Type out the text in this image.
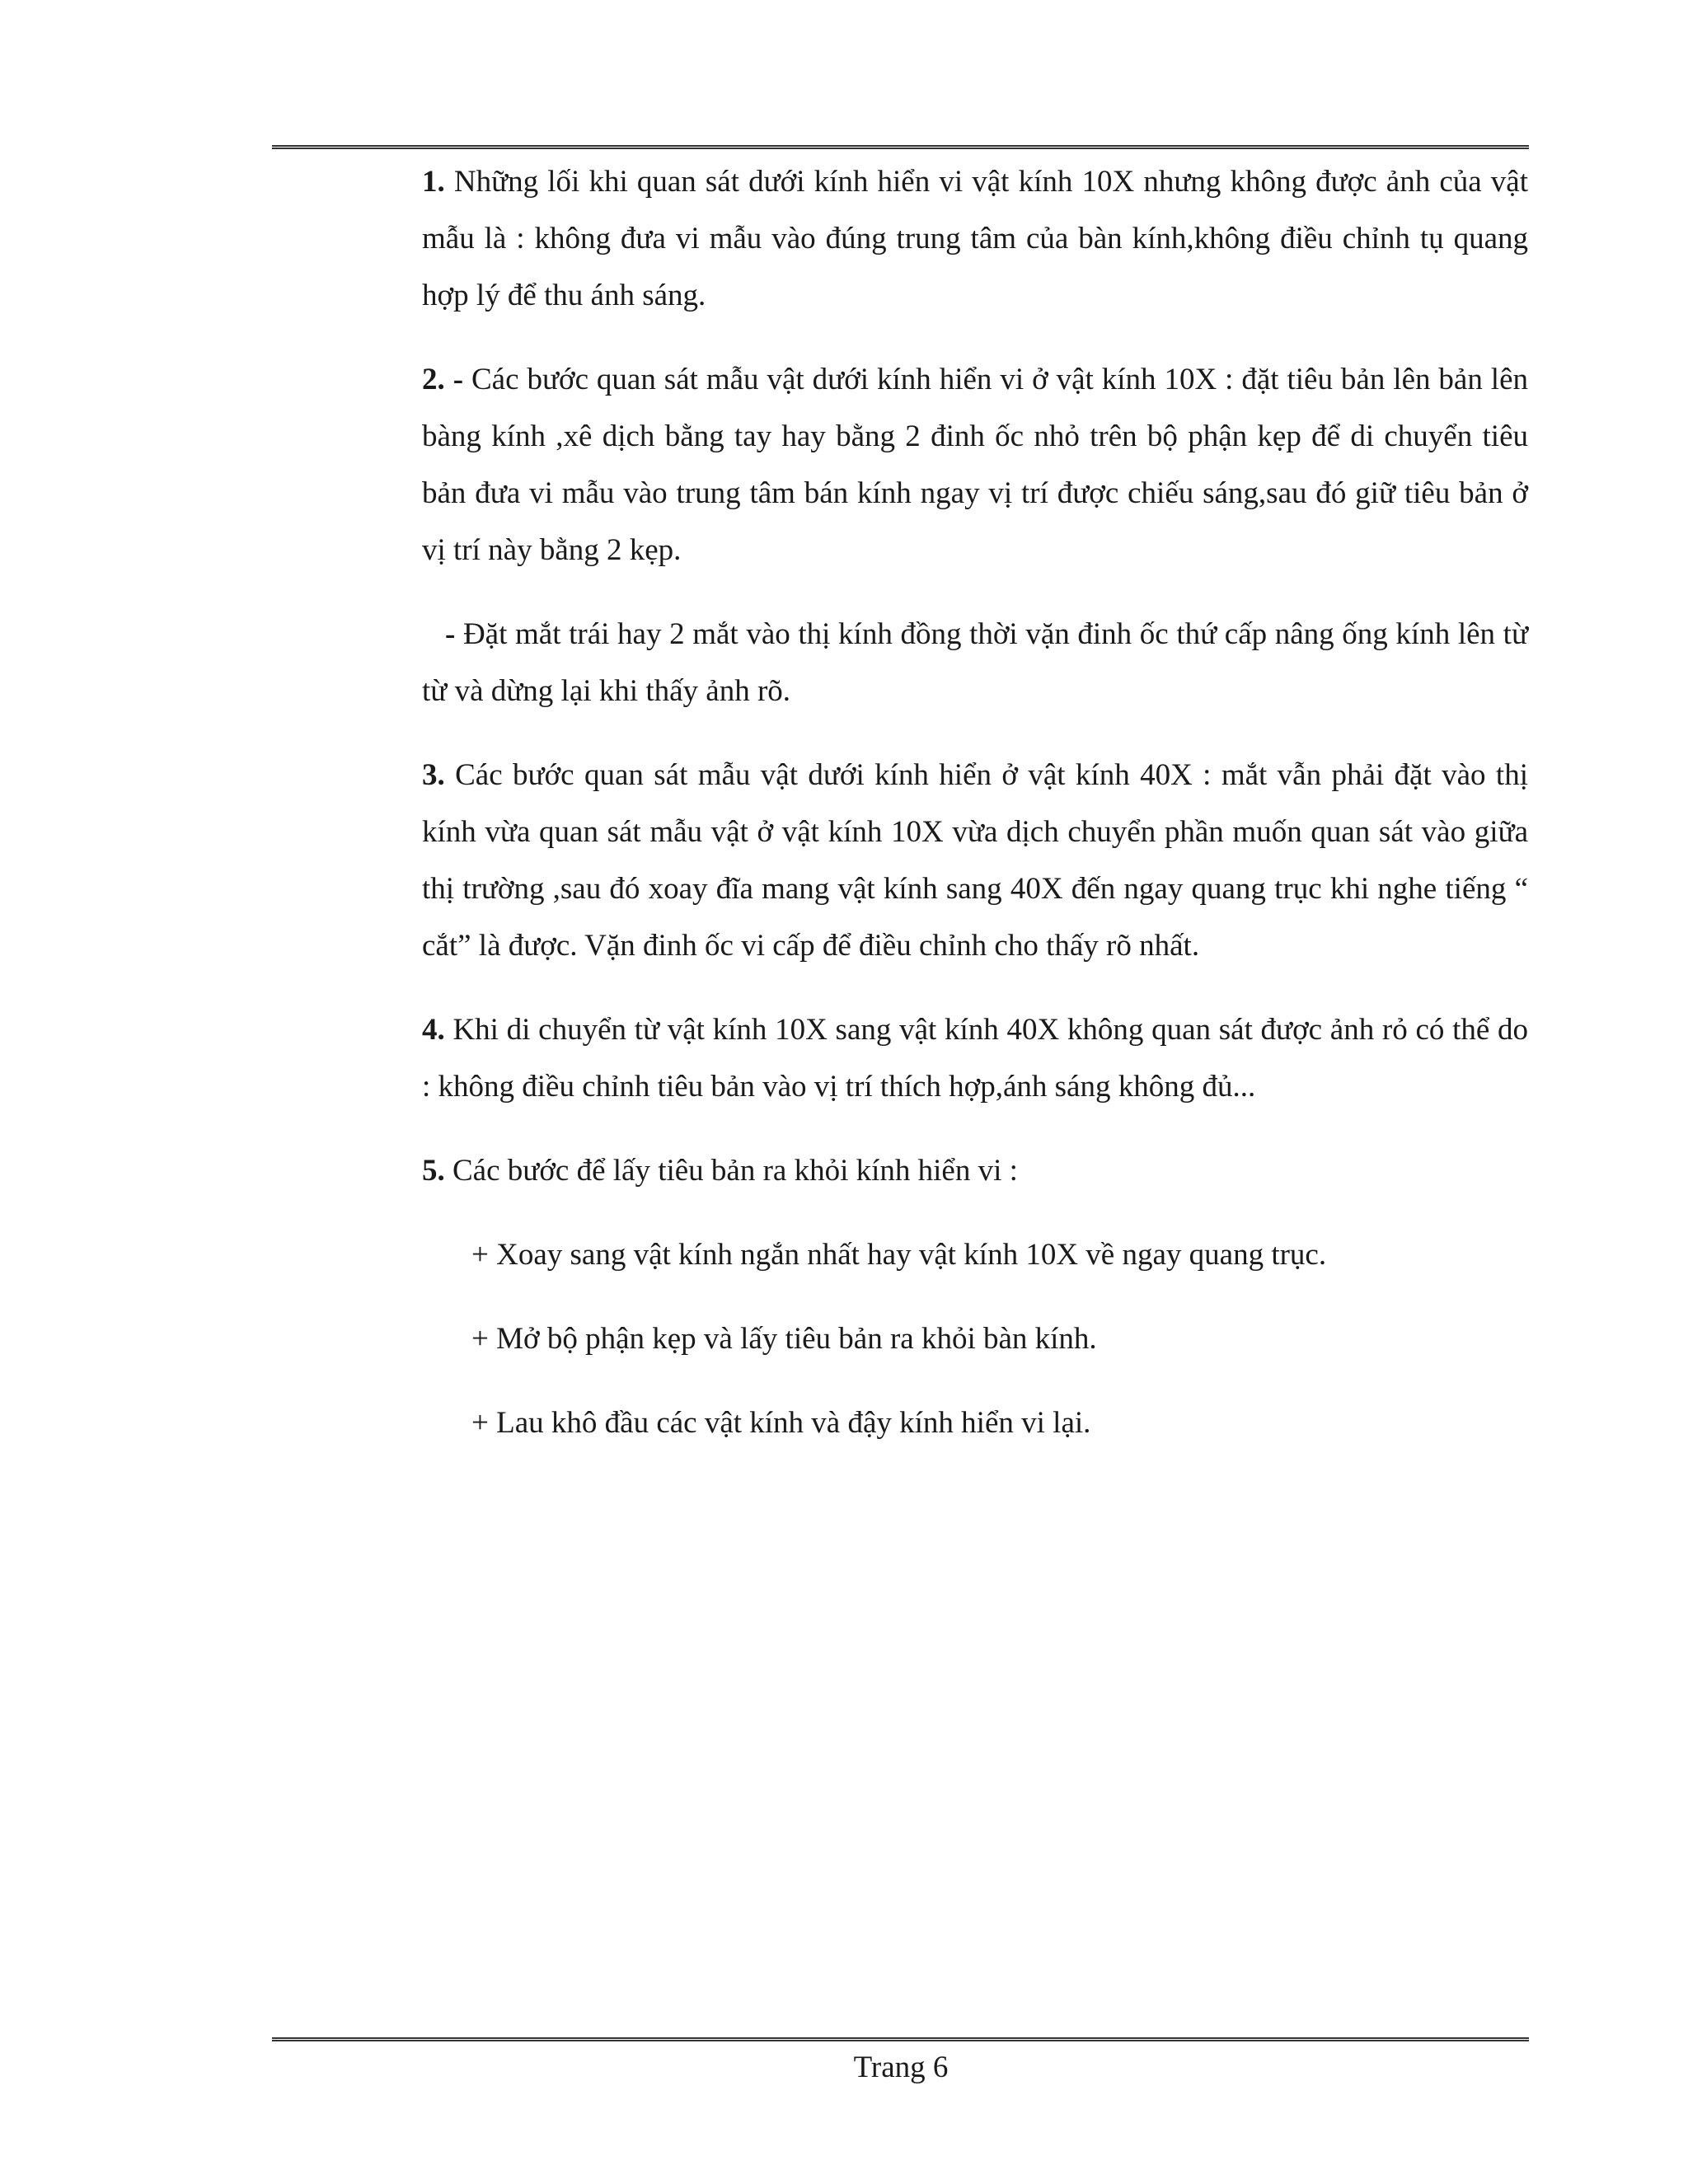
1. Những lối khi quan sát dưới kính hiển vi vật kính 10X nhưng không được ảnh của vật mẫu là : không đưa vi mẫu vào đúng trung tâm của bàn kính,không điều chỉnh tụ quang hợp lý để thu ánh sáng.

2. - Các bước quan sát mẫu vật dưới kính hiển vi ở vật kính 10X : đặt tiêu bản lên bản lên bàng kính ,xê dịch bằng tay hay bằng 2 đinh ốc nhỏ trên bộ phận kẹp để di chuyển tiêu bản đưa vi mẫu vào trung tâm bán kính ngay vị trí được chiếu sáng,sau đó giữ tiêu bản ở vị trí này bằng 2 kẹp.

- Đặt mắt trái hay 2 mắt vào thị kính đồng thời vặn đinh ốc thứ cấp nâng ống kính lên từ từ và dừng lại khi thấy ảnh rõ.

3. Các bước quan sát mẫu vật dưới kính hiển ở vật kính 40X : mắt vẫn phải đặt vào thị kính vừa quan sát mẫu vật ở vật kính 10X vừa dịch chuyển phần muốn quan sát vào giữa thị trường ,sau đó xoay đĩa mang vật kính sang 40X đến ngay quang trục khi nghe tiếng “ cắt” là được. Vặn đinh ốc vi cấp để điều chỉnh cho thấy rõ nhất.

4. Khi di chuyển từ vật kính 10X sang vật kính 40X không quan sát được ảnh rỏ có thể do : không điều chỉnh tiêu bản vào vị trí thích hợp,ánh sáng không đủ...

5. Các bước để lấy tiêu bản ra khỏi kính hiển vi :

+ Xoay sang vật kính ngắn nhất hay vật kính 10X về ngay quang trục.

+ Mở bộ phận kẹp và lấy tiêu bản ra khỏi bàn kính.

+ Lau khô đầu các vật kính và đậy kính hiển vi lại.

Trang 6
